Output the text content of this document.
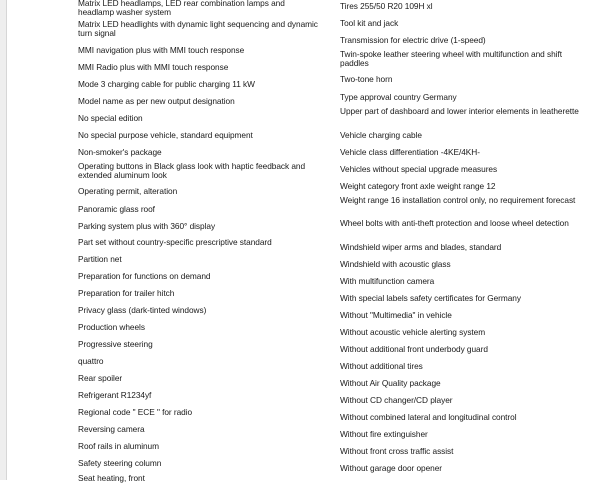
Matrix LED headlamps, LED rear combination lamps and headlamp washer system
Matrix LED headlights with dynamic light sequencing and dynamic turn signal
MMI navigation plus with MMI touch response
MMI Radio plus with MMI touch response
Mode 3 charging cable for public charging 11 kW
Model name as per new output designation
No special edition
No special purpose vehicle, standard equipment
Non-smoker's package
Operating buttons in Black glass look with haptic feedback and extended aluminum look
Operating permit, alteration
Panoramic glass roof
Parking system plus with 360° display
Part set without country-specific prescriptive standard
Partition net
Preparation for functions on demand
Preparation for trailer hitch
Privacy glass (dark-tinted windows)
Production wheels
Progressive steering
quattro
Rear spoiler
Refrigerant R1234yf
Regional code " ECE " for radio
Reversing camera
Roof rails in aluminum
Safety steering column
Seat heating, front
Tires 255/50 R20 109H xl
Tool kit and jack
Transmission for electric drive (1-speed)
Twin-spoke leather steering wheel with multifunction and shift paddles
Two-tone horn
Type approval country Germany
Upper part of dashboard and lower interior elements in leatherette
Vehicle charging cable
Vehicle class differentiation -4KE/4KH-
Vehicles without special upgrade measures
Weight category front axle weight range 12
Weight range 16 installation control only, no requirement forecast
Wheel bolts with anti-theft protection and loose wheel detection
Windshield wiper arms and blades, standard
Windshield with acoustic glass
With multifunction camera
With special labels safety certificates for Germany
Without "Multimedia" in vehicle
Without acoustic vehicle alerting system
Without additional front underbody guard
Without additional tires
Without Air Quality package
Without CD changer/CD player
Without combined lateral and longitudinal control
Without fire extinguisher
Without front cross traffic assist
Without garage door opener
